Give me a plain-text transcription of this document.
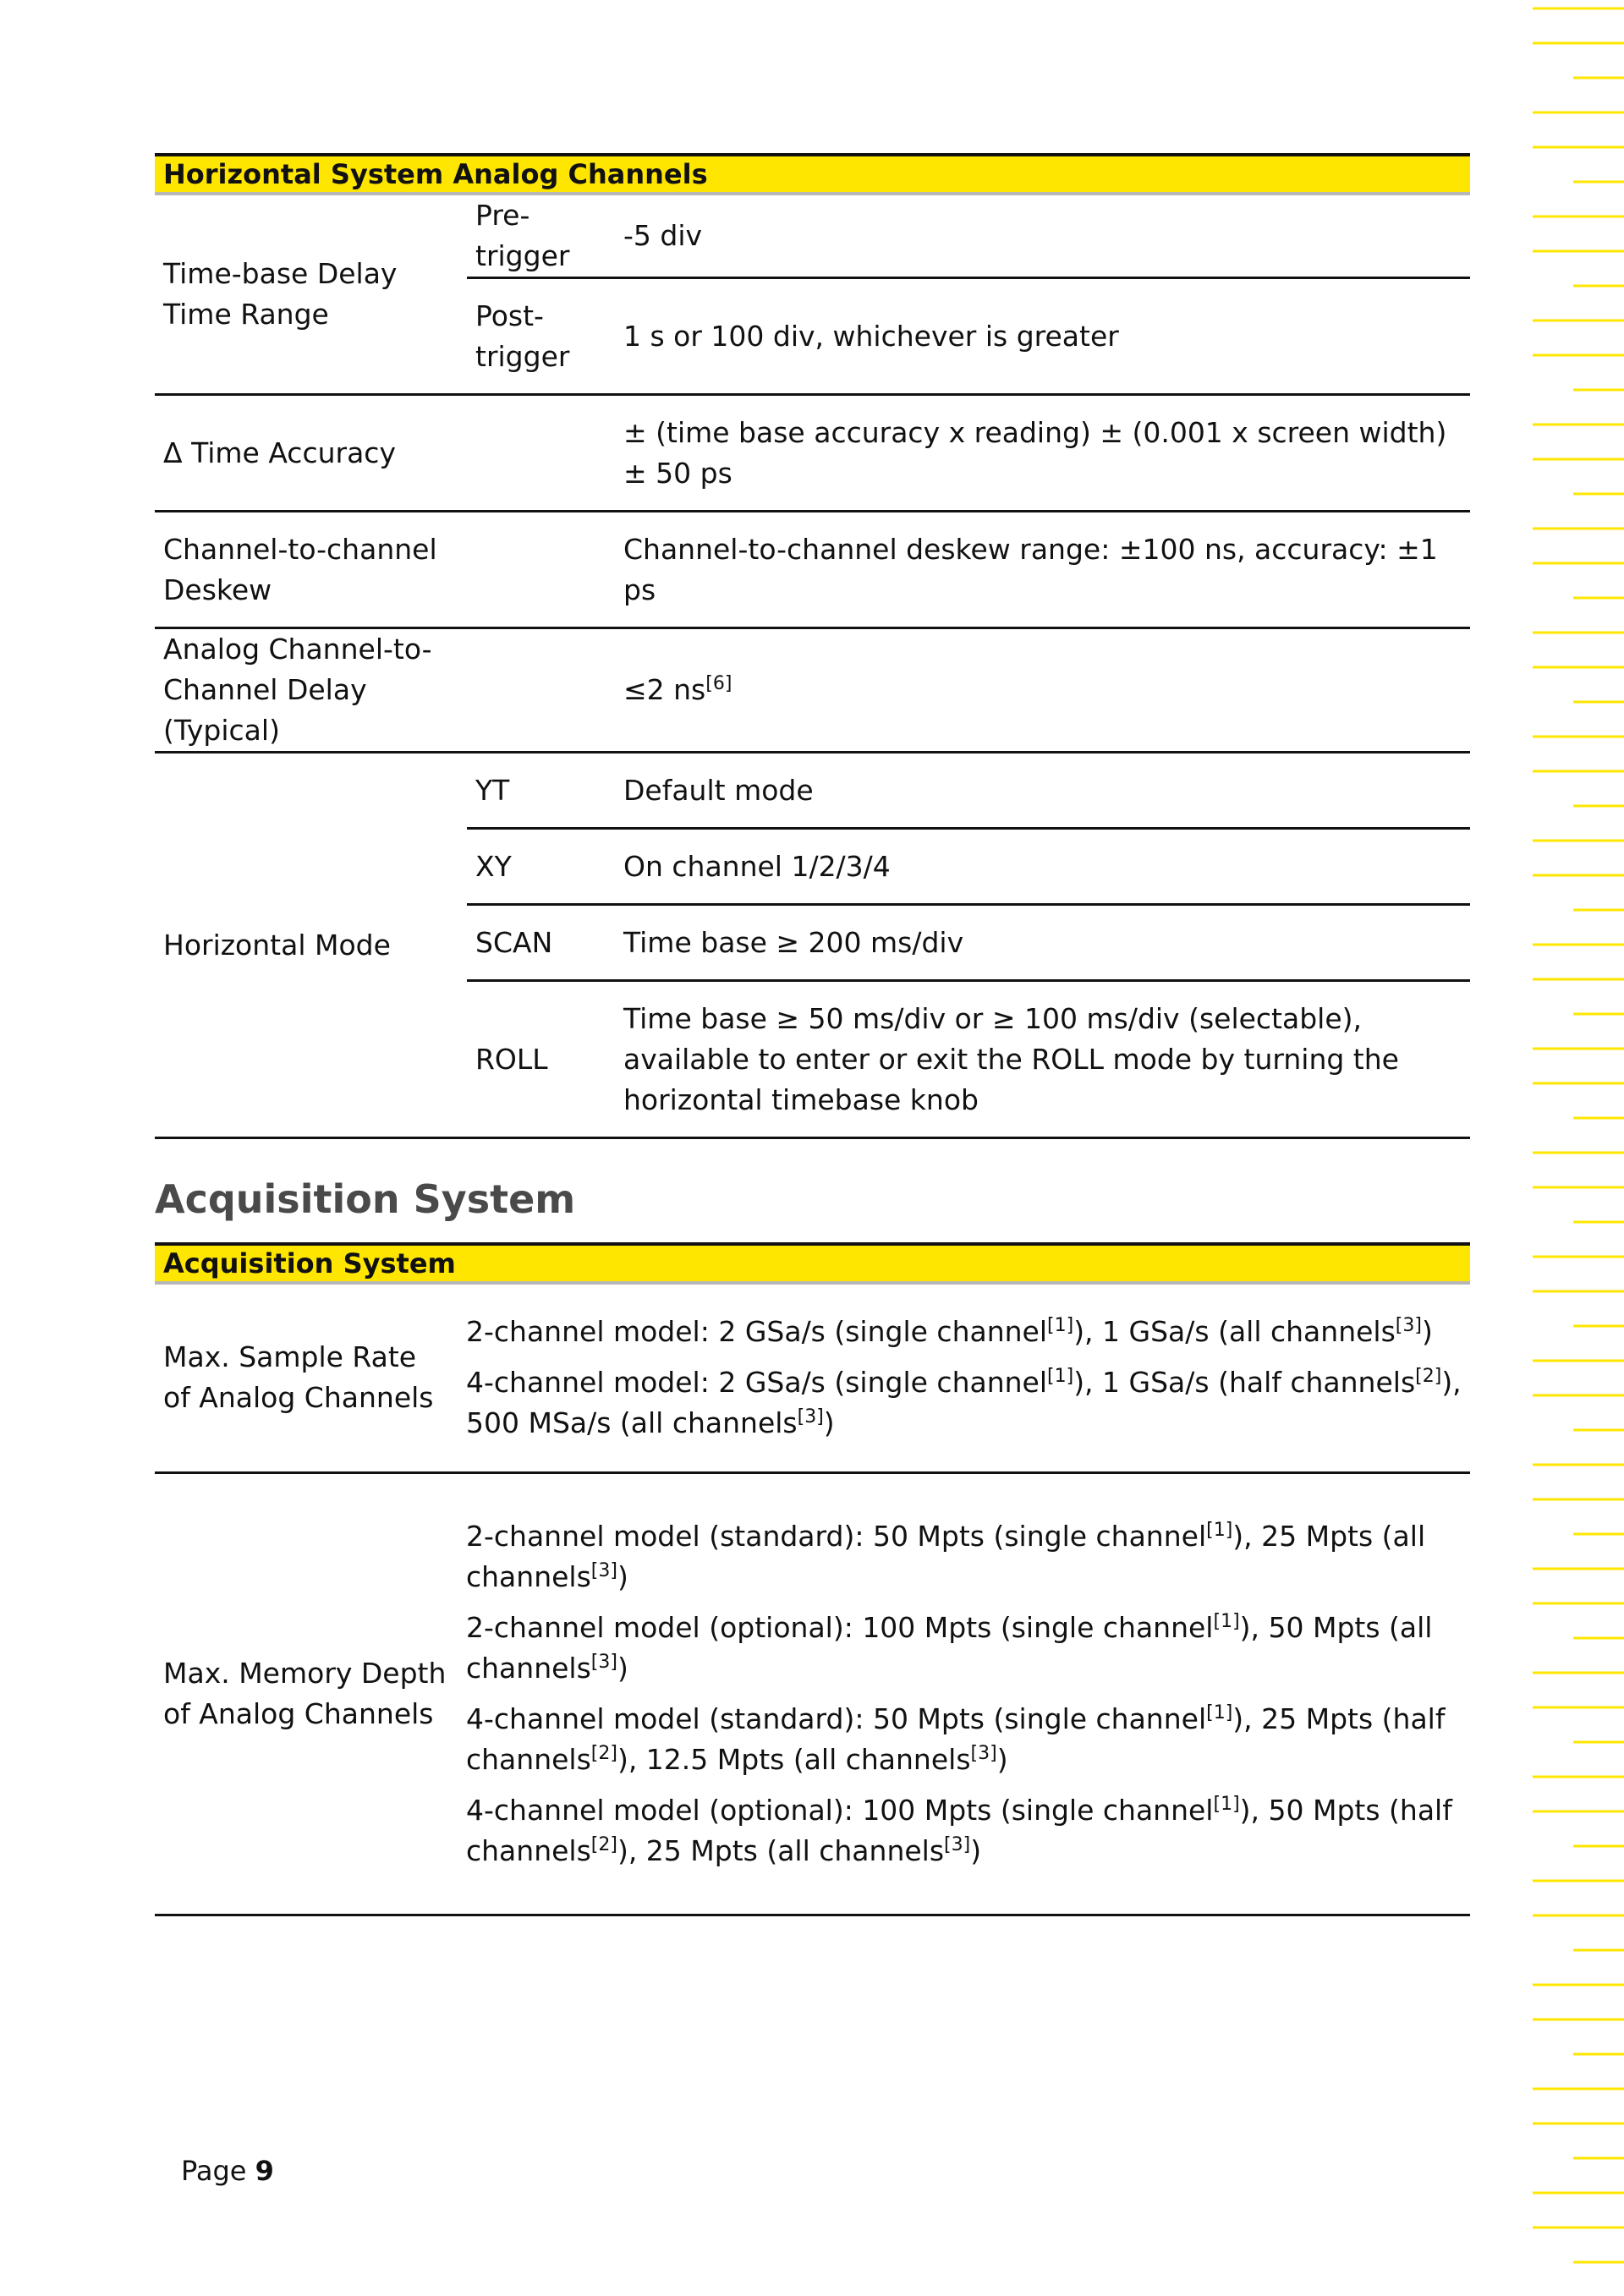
Horizontal System Analog Channels
Time-base Delay Time Range	Pre-trigger	-5 div
	Post-trigger	1 s or 100 div, whichever is greater
Δ Time Accuracy		± (time base accuracy x reading) ± (0.001 x screen width) ± 50 ps
Channel-to-channel Deskew		Channel-to-channel deskew range: ±100 ns, accuracy: ±1 ps
Analog Channel-to-Channel Delay (Typical)		≤2 ns[6]
Horizontal Mode	YT	Default mode
	XY	On channel 1/2/3/4
	SCAN	Time base ≥ 200 ms/div
	ROLL	Time base ≥ 50 ms/div or ≥ 100 ms/div (selectable), available to enter or exit the ROLL mode by turning the horizontal timebase knob
Acquisition System
Acquisition System
Max. Sample Rate of Analog Channels	2-channel model: 2 GSa/s (single channel[1]), 1 GSa/s (all channels[3])
4-channel model: 2 GSa/s (single channel[1]), 1 GSa/s (half channels[2]), 500 MSa/s (all channels[3])

Max. Memory Depth of Analog Channels	2-channel model (standard): 50 Mpts (single channel[1]), 25 Mpts (all channels[3])
2-channel model (optional): 100 Mpts (single channel[1]), 50 Mpts (all channels[3])
4-channel model (standard): 50 Mpts (single channel[1]), 25 Mpts (half channels[2]), 12.5 Mpts (all channels[3])
4-channel model (optional): 100 Mpts (single channel[1]), 50 Mpts (half channels[2]), 25 Mpts (all channels[3])
Page 9
